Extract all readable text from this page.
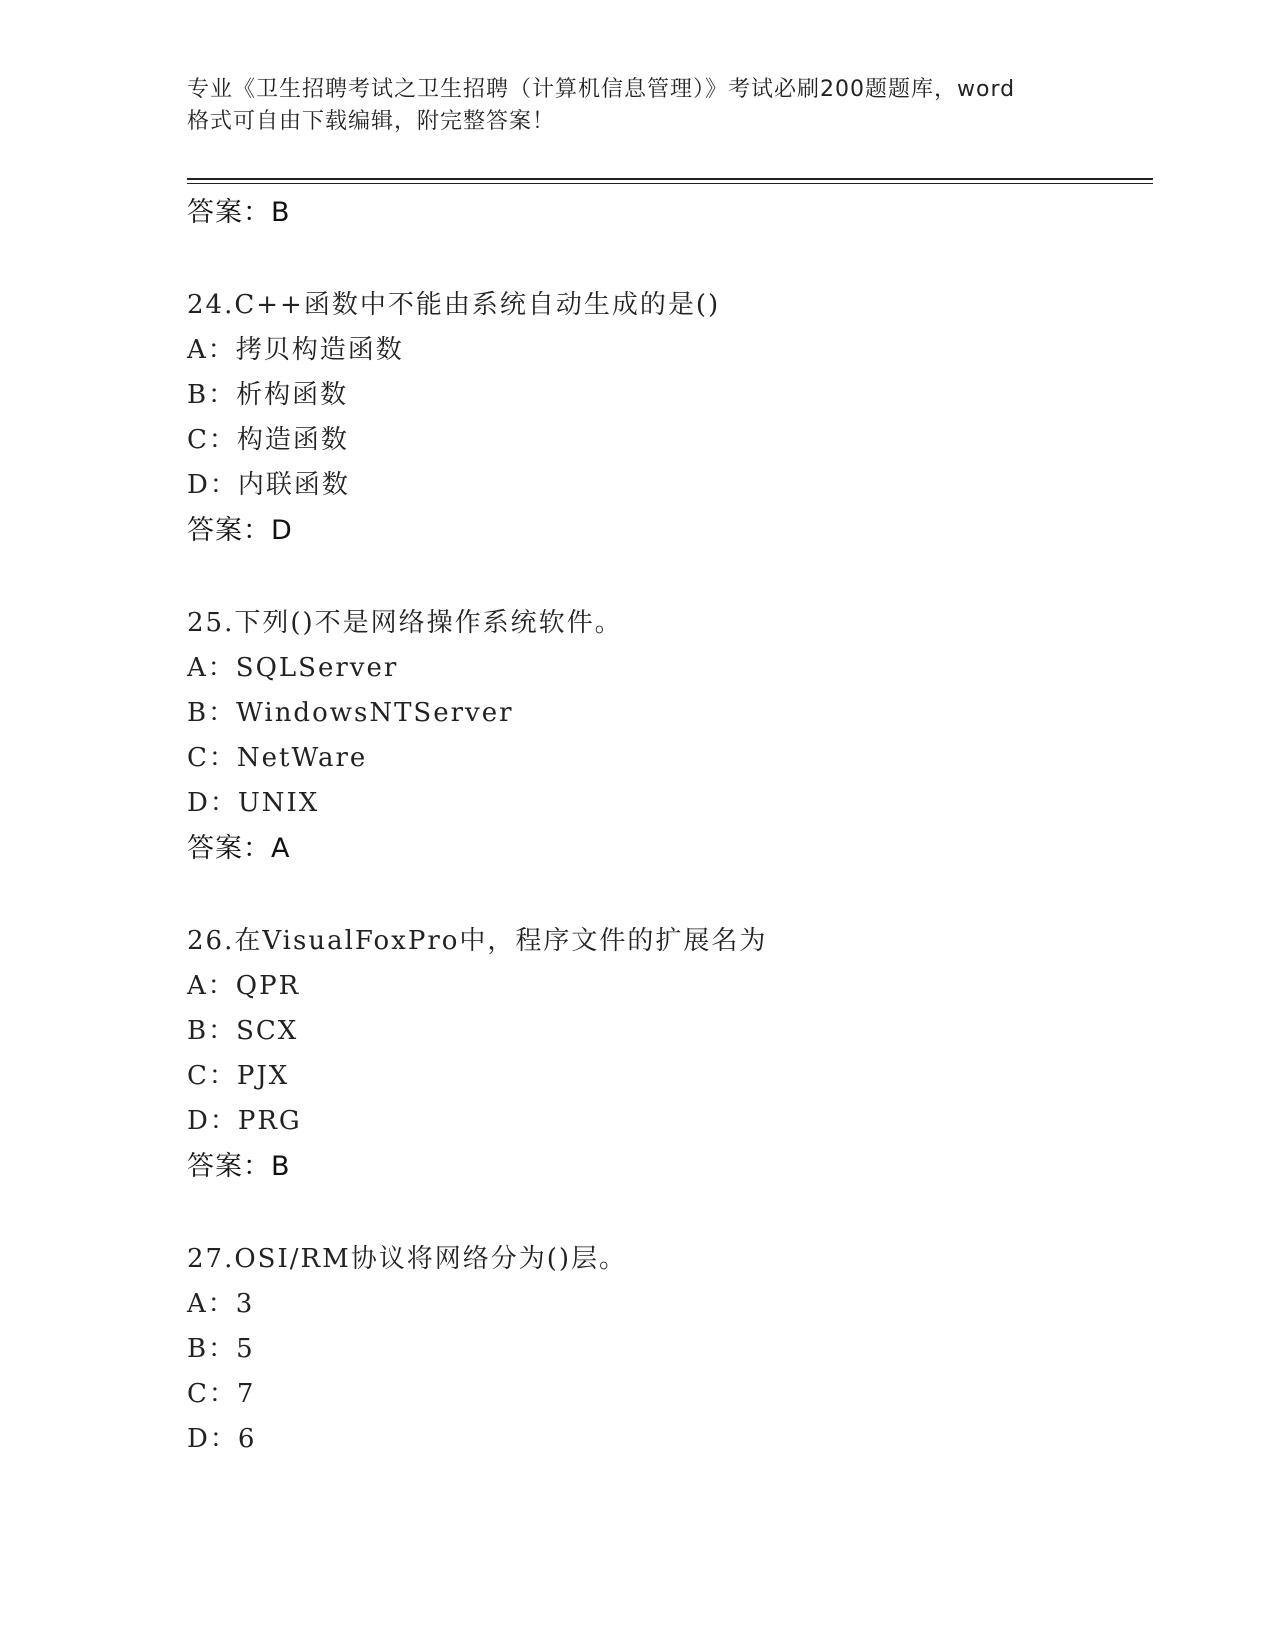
专业《卫生招聘考试之卫生招聘（计算机信息管理）》考试必刷200题题库，word
格式可自由下载编辑，附完整答案！
答案：B
24.C++函数中不能由系统自动生成的是()
A：拷贝构造函数
B：析构函数
C：构造函数
D：内联函数
答案：D
25.下列()不是网络操作系统软件。
A：SQLServer
B：WindowsNTServer
C：NetWare
D：UNIX
答案：A
26.在VisualFoxPro中，程序文件的扩展名为
A：QPR
B：SCX
C：PJX
D：PRG
答案：B
27.OSI/RM协议将网络分为()层。
A：3
B：5
C：7
D：6
